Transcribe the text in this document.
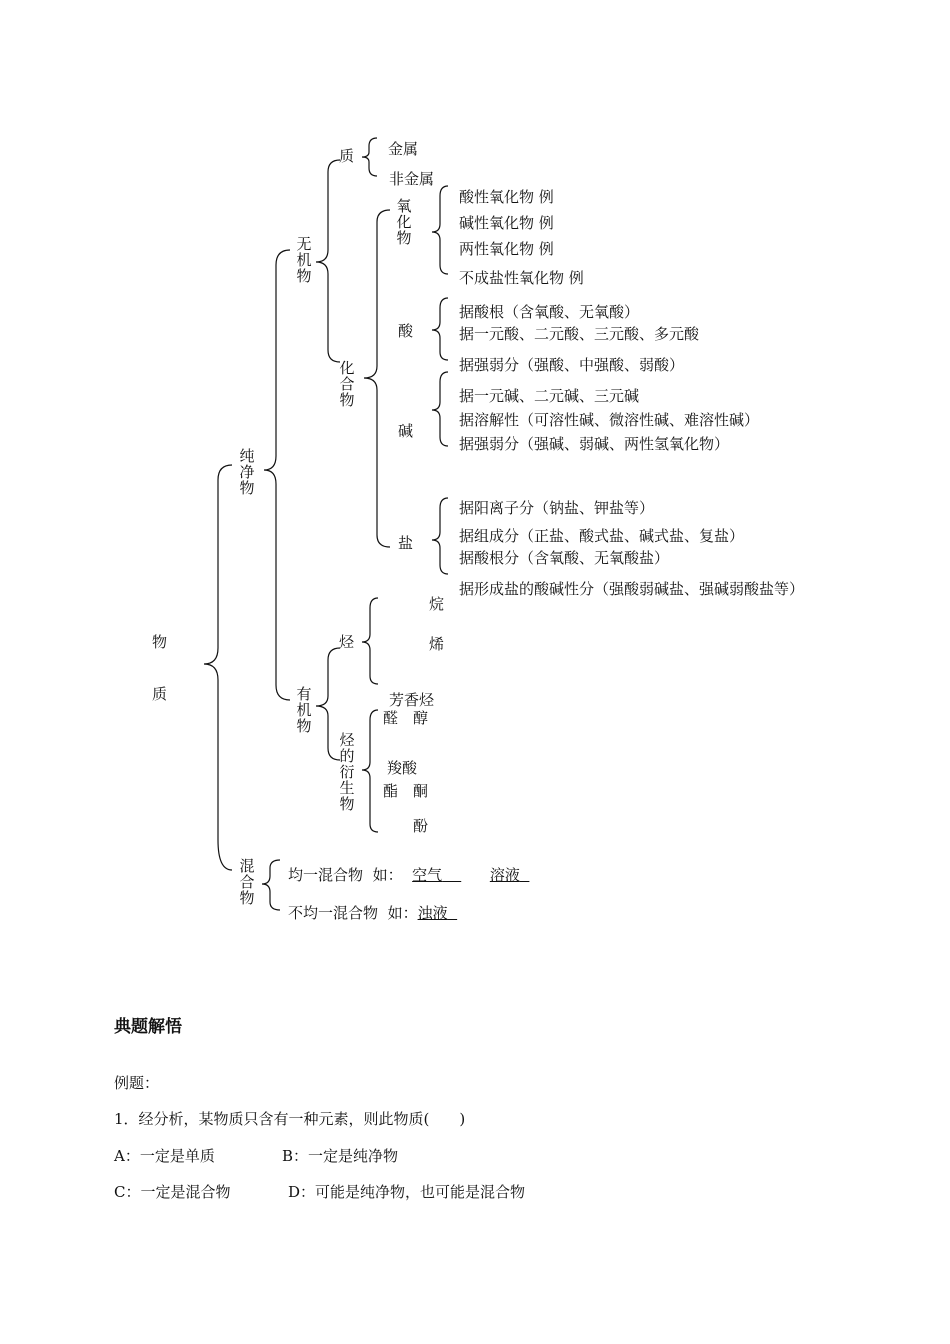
物
质
纯净物
无机物
质 金属
非金属
化合物
氧化物
酸性氧化物 例
碱性氧化物 例
两性氧化物 例
不成盐性氧化物 例
酸
据酸根（含氧酸、无氧酸）
据一元酸、二元酸、三元酸、多元酸
据强弱分（强酸、中强酸、弱酸）
碱
据一元碱、二元碱、三元碱
据溶解性（可溶性碱、微溶性碱、难溶性碱）
据强弱分（强碱、弱碱、两性氢氧化物）
盐
据阳离子分（钠盐、钾盐等）
据组成分（正盐、酸式盐、碱式盐、复盐）
据酸根分（含氧酸、无氧酸盐）
据形成盐的酸碱性分（强酸弱碱盐、强碱弱酸盐等）
有机物
烃
烷
烯
芳香烃
烃的衍生物
醛 醇
羧酸
酯 酮
酚
混合物
均一混合物 如： 空气	溶液
不均一混合物 如：浊液
典题解悟
例题：
1．经分析，某物质只含有一种元素，则此物质(　　)
A：一定是单质	B：一定是纯净物
C：一定是混合物	D：可能是纯净物，也可能是混合物
